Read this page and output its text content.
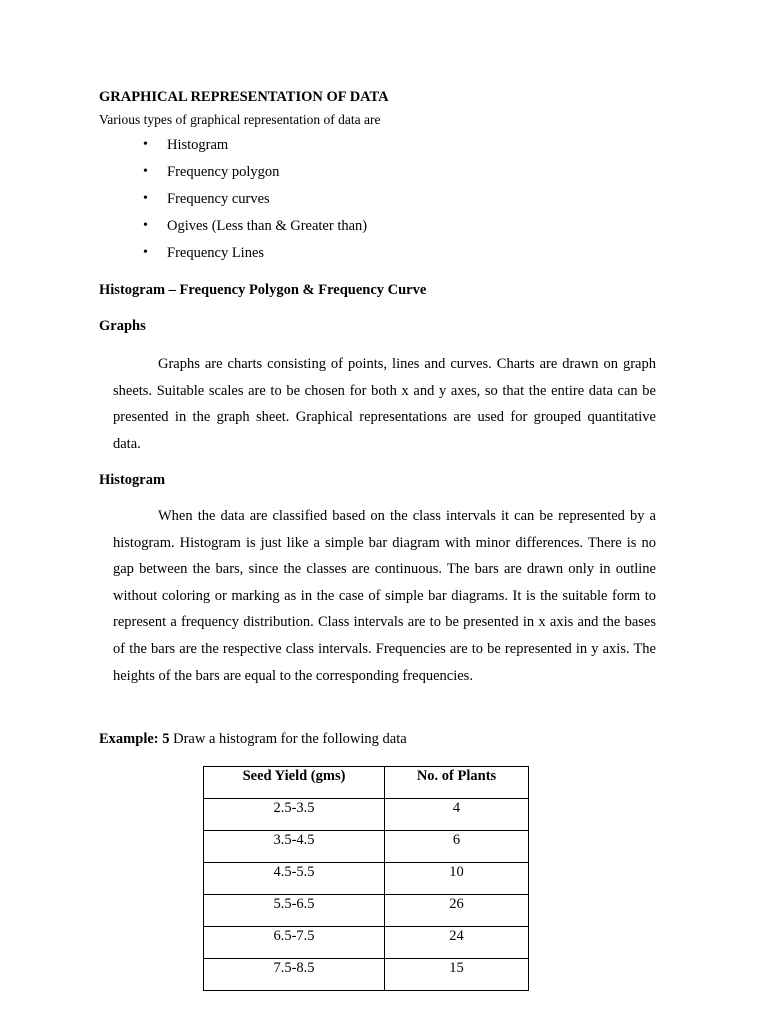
GRAPHICAL REPRESENTATION OF DATA

Various types of graphical representation of data are

• Histogram
• Frequency polygon
• Frequency curves
• Ogives (Less than & Greater than)
• Frequency Lines
Histogram – Frequency Polygon & Frequency Curve
Graphs

Graphs are charts consisting of points, lines and curves. Charts are drawn on graph sheets. Suitable scales are to be chosen for both x and y axes, so that the entire data can be presented in the graph sheet. Graphical representations are used for grouped quantitative data.

Histogram

When the data are classified based on the class intervals it can be represented by a histogram. Histogram is just like a simple bar diagram with minor differences. There is no gap between the bars, since the classes are continuous. The bars are drawn only in outline without coloring or marking as in the case of simple bar diagrams. It is the suitable form to represent a frequency distribution. Class intervals are to be presented in x axis and the bases of the bars are the respective class intervals. Frequencies are to be represented in y axis. The heights of the bars are equal to the corresponding frequencies.

Example: 5 Draw a histogram for the following data

Seed Yield (gms)	No. of Plants
2.5-3.5	4
3.5-4.5	6
4.5-5.5	10
5.5-6.5	26
6.5-7.5	24
7.5-8.5	15
